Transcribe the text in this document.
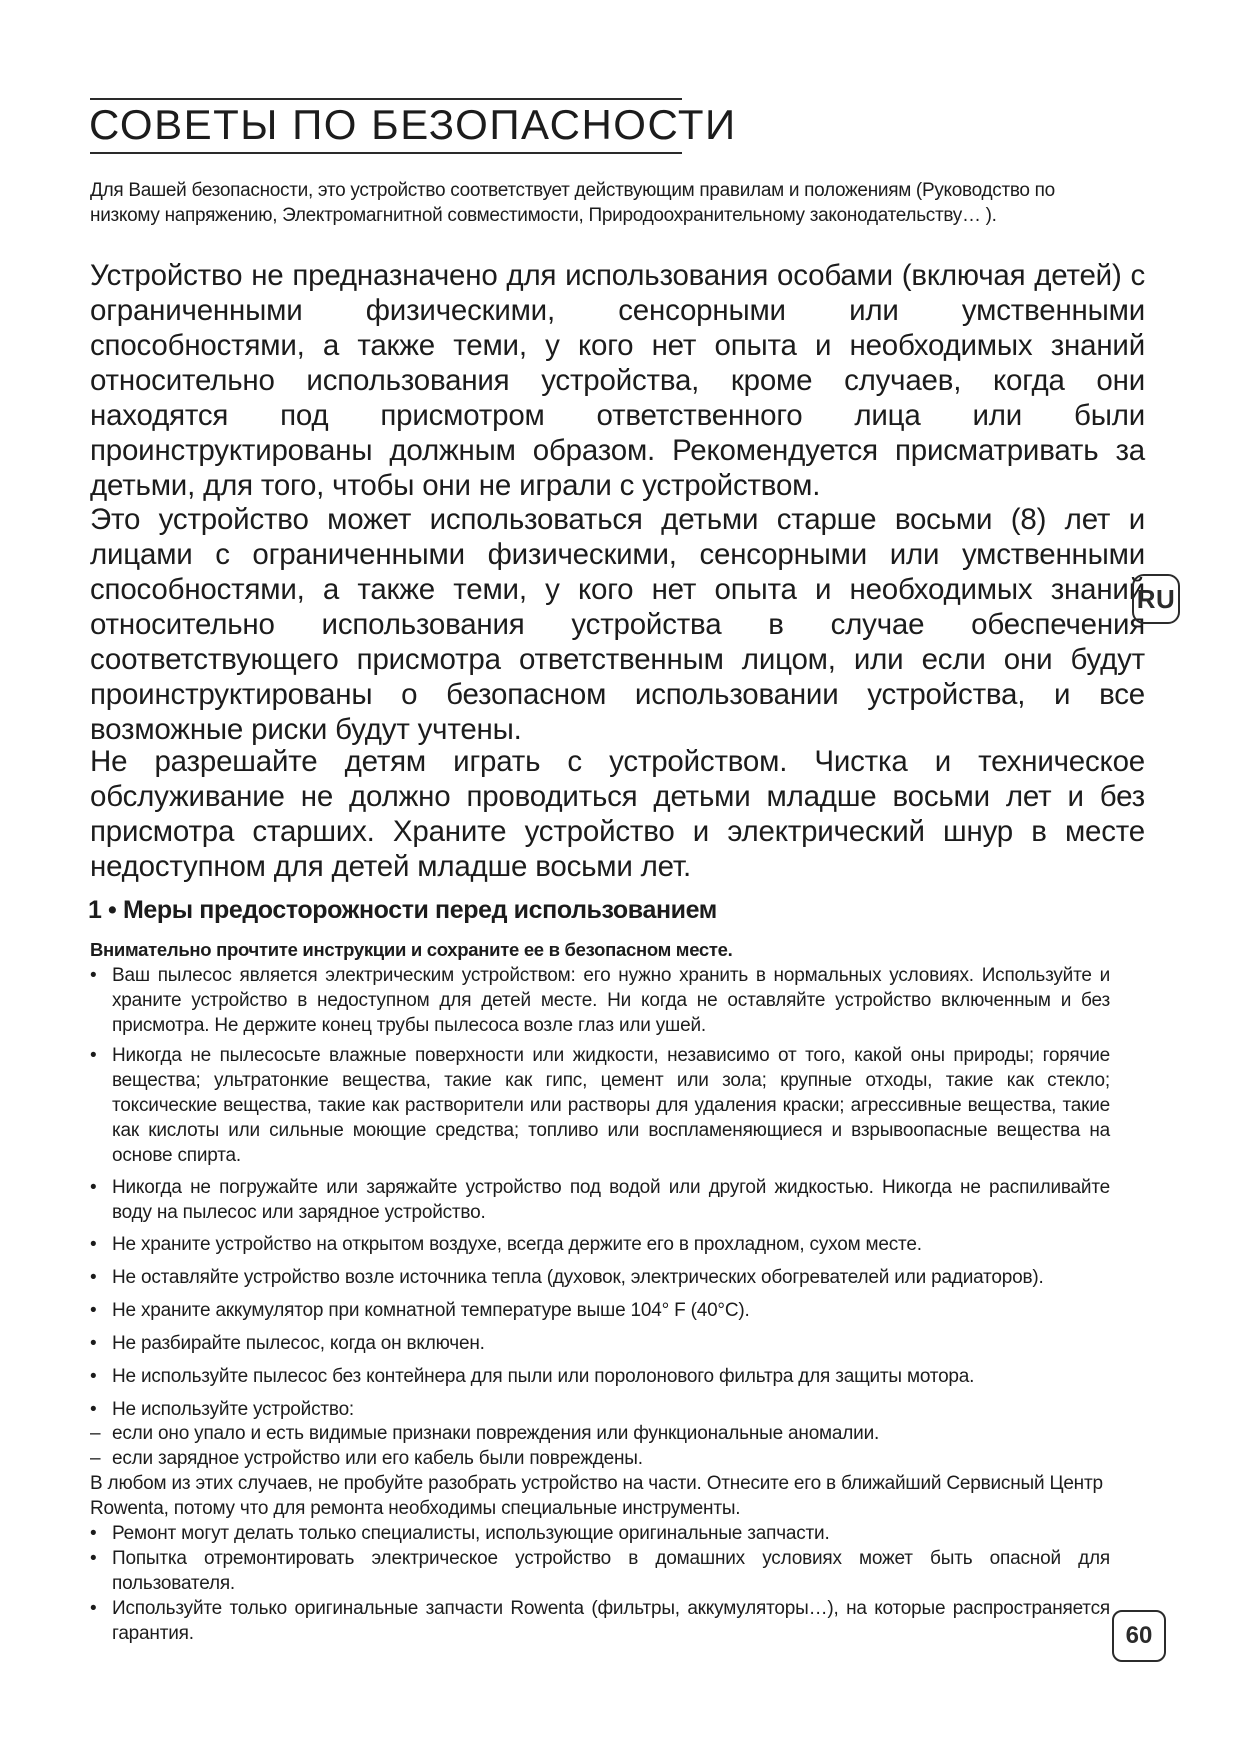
СОВЕТЫ ПО БЕЗОПАСНОСТИ

Для Вашей безопасности, это устройство соответствует действующим правилам и положениям (Руководство по низкому напряжению, Электромагнитной совместимости, Природоохранительному законодательству… ).

Устройство не предназначено для использования особами (включая детей) с ограниченными физическими, сенсорными или умственными способностями, а также теми, у кого нет опыта и необходимых знаний относительно использования устройства, кроме случаев, когда они находятся под присмотром ответственного лица или были проинструктированы должным образом. Рекомендуется присматривать за детьми, для того, чтобы они не играли с устройством.

Это устройство может использоваться детьми старше восьми (8) лет и лицами с ограниченными физическими, сенсорными или умственными способностями, а также теми, у кого нет опыта и необходимых знаний относительно использования устройства в случае обеспечения соответствующего присмотра ответственным лицом, или если они будут проинструктированы о безопасном использовании устройства, и все возможные риски будут учтены.

Не разрешайте детям играть с устройством. Чистка и техническое обслуживание не должно проводиться детьми младше восьми лет и без присмотра старших. Храните устройство и электрический шнур в месте недоступном для детей младше восьми лет.

RU
1 • Меры предосторожности перед использованием

Внимательно прочтите инструкции и сохраните ее в безопасном месте.

• Ваш пылесос является электрическим устройством: его нужно хранить в нормальных условиях. Используйте и храните устройство в недоступном для детей месте. Ни когда не оставляйте устройство включенным и без присмотра. Не держите конец трубы пылесоса возле глаз или ушей.
• Никогда не пылесосьте влажные поверхности или жидкости, независимо от того, какой оны природы; горячие вещества; ультратонкие вещества, такие как гипс, цемент или зола; крупные отходы, такие как стекло; токсические вещества, такие как растворители или растворы для удаления краски; агрессивные вещества, такие как кислоты или сильные моющие средства; топливо или воспламеняющиеся и взрывоопасные вещества на основе спирта.
• Никогда не погружайте или заряжайте устройство под водой или другой жидкостью. Никогда не распиливайте воду на пылесос или зарядное устройство.
• Не храните устройство на открытом воздухе, всегда держите его в прохладном, сухом месте.
• Не оставляйте устройство возле источника тепла (духовок, электрических обогревателей или радиаторов).
• Не храните аккумулятор при комнатной температуре выше 104° F (40°C).
• Не разбирайте пылесос, когда он включен.
• Не используйте пылесос без контейнера для пыли или поролонового фильтра для защиты мотора.
• Не используйте устройство:
– если оно упало и есть видимые признаки повреждения или функциональные аномалии.
– если зарядное устройство или его кабель были повреждены.

В любом из этих случаев, не пробуйте разобрать устройство на части. Отнесите его в ближайший Сервисный Центр Rowenta, потому что для ремонта необходимы специальные инструменты.

• Ремонт могут делать только специалисты, использующие оригинальные запчасти.
• Попытка отремонтировать электрическое устройство в домашних условиях может быть опасной для пользователя.
• Используйте только оригинальные запчасти Rowenta (фильтры, аккумуляторы…), на которые распространяется гарантия.	60
